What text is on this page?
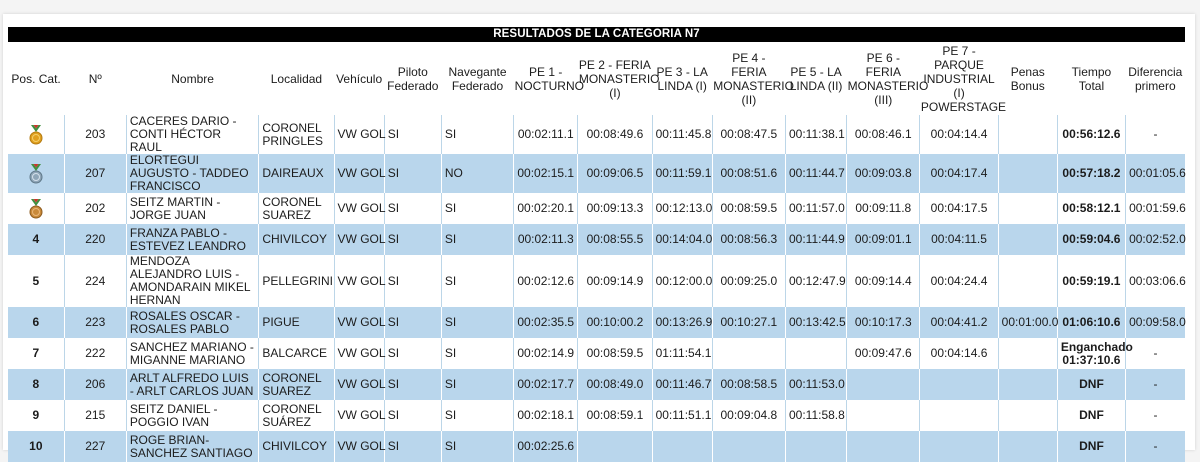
RESULTADOS DE LA CATEGORIA N7																
Pos. Cat.	Nº	Nombre	Localidad	Vehículo	Piloto Federado	Navegante Federado	PE 1 - NOCTURNO	PE 2 - FERIA MONASTERIO (I)	PE 3 - LA LINDA (I)	PE 4 - FERIA MONASTERIO (II)	PE 5 - LA LINDA (II)	PE 6 - FERIA MONASTERIO (III)	PE 7 - PARQUE INDUSTRIAL (I) POWERSTAGE	Penas Bonus	Tiempo Total	Diferencia primero
	203	CACERES DARIO - CONTI HÉCTOR RAUL	CORONEL PRINGLES	VW GOL	SI	SI	00:02:11.1	00:08:49.6	00:11:45.8	00:08:47.5	00:11:38.1	00:08:46.1	00:04:14.4		00:56:12.6	-
	207	ELORTEGUI AUGUSTO - TADDEO FRANCISCO	DAIREAUX	VW GOL	SI	NO	00:02:15.1	00:09:06.5	00:11:59.1	00:08:51.6	00:11:44.7	00:09:03.8	00:04:17.4		00:57:18.2	00:01:05.6
	202	SEITZ MARTIN - JORGE JUAN	CORONEL SUAREZ	VW GOL	SI	SI	00:02:20.1	00:09:13.3	00:12:13.0	00:08:59.5	00:11:57.0	00:09:11.8	00:04:17.5		00:58:12.1	00:01:59.6
4	220	FRANZA PABLO - ESTEVEZ LEANDRO	CHIVILCOY	VW GOL	SI	SI	00:02:11.3	00:08:55.5	00:14:04.0	00:08:56.3	00:11:44.9	00:09:01.1	00:04:11.5		00:59:04.6	00:02:52.0
5	224	MENDOZA ALEJANDRO LUIS - AMONDARAIN MIKEL HERNAN	PELLEGRINI	VW GOL	SI	SI	00:02:12.6	00:09:14.9	00:12:00.0	00:09:25.0	00:12:47.9	00:09:14.4	00:04:24.4		00:59:19.1	00:03:06.6
6	223	ROSALES OSCAR - ROSALES PABLO	PIGUE	VW GOL	SI	SI	00:02:35.5	00:10:00.2	00:13:26.9	00:10:27.1	00:13:42.5	00:10:17.3	00:04:41.2	00:01:00.0	01:06:10.6	00:09:58.0
7	222	SANCHEZ MARIANO - MIGANNE MARIANO	BALCARCE	VW GOL	SI	SI	00:02:14.9	00:08:59.5	01:11:54.1			00:09:47.6	00:04:14.6		Enganchado 01:37:10.6	-
8	206	ARLT ALFREDO LUIS - ARLT CARLOS JUAN	CORONEL SUAREZ	VW GOL	SI	SI	00:02:17.7	00:08:49.0	00:11:46.7	00:08:58.5	00:11:53.0				DNF	-
9	215	SEITZ DANIEL - POGGIO IVAN	CORONEL SUÁREZ	VW GOL	SI	SI	00:02:18.1	00:08:59.1	00:11:51.1	00:09:04.8	00:11:58.8				DNF	-
10	227	ROGE BRIAN- SANCHEZ SANTIAGO	CHIVILCOY	VW GOL	SI	SI	00:02:25.6								DNF	-
